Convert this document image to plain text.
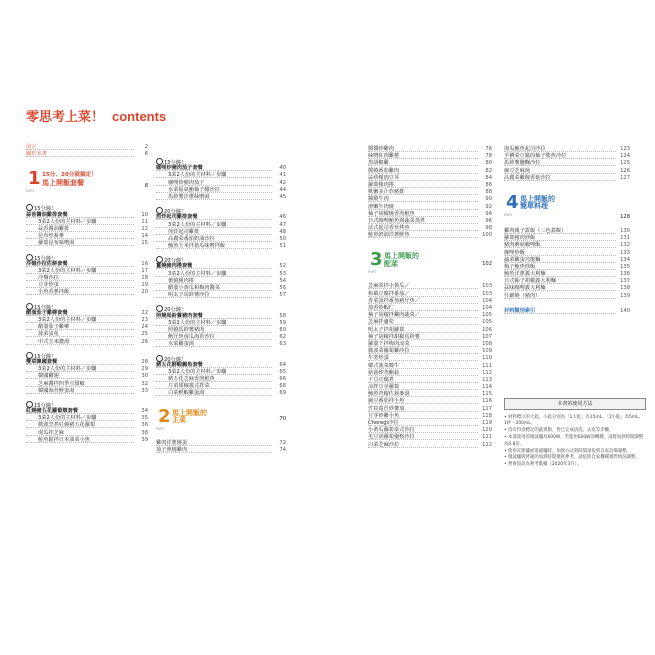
零思考上菜！ contents
前言	2
關於本書	6
1
PART
15分、20分就搞定！
馬上開飯套餐	8
15分鐘！
蒜香醬油雞排套餐	10
3菜2人份的主材料／步驟	11
蒜香醬油雞排	12
昆布炒蕎麥	14
蘿蔔昆布味噌湯	15
15分鐘！
冷盤沙拉佐餅套餐	16
3菜2人份的主材料／步驟	17
冷盤沙拉	18
豆芽炒蛋	19
小魚香蔥拌飯	20
15分鐘！
醋溜茄子雞柳套餐	22
3菜2人份的主材料／步驟	23
醋溜茄子雞柳	24
菠菜蛋花	25
中式玉米濃湯	26
15分鐘！
雙菜韓國套餐	28
3菜2人份的主材料／步驟	29
韓國雞翅	30
芝麻醬拌四季豆甜椒	32
韓國海苔鮮蛋湯	33
15分鐘！
紅燒豬五花蘿蔔燉套餐	34
3菜2人份的主材料／步驟	35
微波烹煮紅燒豬五花蘿蔔	36
南瓜拌芝麻	38
鮭魚鬆拌日本油菜小魚	39
15分鐘！
咖哩炒豬肉茄子套餐	40
3菜2人份的主材料／步驟	41
咖哩炒豬肉茄子	42
水菜福氣鮪柚子醋沙拉	44
馬鈴薯洋蔥味噌湯	45
20分鐘！
煎炸起司雞排套餐	46
3菜2人份的主材料／步驟	47
煎炸起司雞排	48
高麗菜番茄奶油沙拉	50
鮪魚玉米拌黃瓜味噌拌飯	51
20分鐘！
薑燒豬肉捲套餐	52
3菜2人份的主材料／步驟	53
薑燒豬肉捲	54
醋溜小黃瓜和梅肉醬菜	56
明太子馬鈴薯沙拉	57
20分鐘！
照燒馬鈴薯豬肉套餐	58
3菜2人份的主材料／步驟	59
照燒馬鈴薯豬肉	60
飽仔魚南瓜海苔沙拉	62
水菜雞蛋湯	63
20分鐘！
豬五花鮮蝦鯛魚套餐	64
3菜2人份的主材料／步驟	65
豬五花芝麻香煎鮭魚	66
豆苗甜椒義式拌菜	68
白菜鮮蝦雞蛋湯	69
2
PART
馬上開飯的
主菜	70
雞肉洋蔥燒蛋	72
茄子照燒雞肉	74
醬醬炒雞肉	76
味噌紅肉雞捲	78
黑胡椒雞	80
醬燒番茄雞肉	82
蒜炒豬肉豆芽	84
蘿蔔豬肉捲	86
軟嫩多汁炸豬排	88
醬燒牛肉	90
滑嫩牛肉燒	92
柚子胡椒燒香煎鮭魚	94
日式咖哩鮪魚與蔬菜蒸煮	96
法式起司香草烤魚	98
鮭魚奶油洋蔥鮮魚	100
3
PART
馬上開飯的
配菜	102
芝麻菜拌小黃瓜／	103
和風豆腐拌番茄／	103
青菜蛋拌番茄豬仔魚／	104
茄香炒蝦仁	104
柚子胡椒拌雞肉蔬菜／	105
芝麻拌蘆筍	105
明太子拌胡蘿蔔	106
柚子胡椒拌甜椒馬鈴薯	107
蘿蔔干拌梅肉涼菜	108
微波菜蘿蔔雞沙拉	109
牛蒡炒蛋	110
韓式菠菜韓牛	111
菇菇炒杏鮑菇	112
干貝豆腐煮	113
涼拌豆芽蘿蔔	114
鮪魚青椒佐蕎麥湯	115
豌豆番茄拌小魚	116
竹筍萵苣炒蕃茄	117
豆芽炒雞小魚	118
Choregi沙拉	119
小黃瓜蘿蔔泰式沙拉	120
毛豆胡蘿蔔優格沙拉	121
白菜芝麻沙拉	122
南瓜鮪魚起司沙拉	123
羊栖菜豆腐的柚子柴魚沙拉	124
馬鈴薯鹽麴沙拉	125
豌豆芝麻湯	126
高麗菜雞塊香菇沙拉	127
4
PART
馬上開飯的
簡單料理
128
雞肉親子蓋飯（三色蓋飯）	130
蘿蔔豬肉炒飯	131
豬肉蘑菇咖哩飯	132
咖哩炒飯	133
蔬菜雞蛋烏龍麵	134
梅子鮪魚炒飯	135
鮪魚洋蔥義大利麵	136
日式柚子胡椒義大利麵	137
蒜味咖哩義大利麵	138
什錦燒（豬肉）	139
材料類別索引	140
本書的使用方法
• 材料標示的大匙、小匙分別為「1大匙」為15mL、「1小匙」為5mL。1杯＝200mL。
• 沒有特別標記的蔬菜類，皆已完成清洗、去皮等步驟。
• 本書使用的微波爐為500W，若使用600W的機種，請將加熱時間調整為0.8倍。
• 使用瓦斯爐或電磁爐時，加熱方式與時間請依照自家設備調整。
• 微波爐與烤箱的加熱時間僅供參考，請依照自家機種實際情況調整。
• 營養資訊為參考數據（2020年3月）。
